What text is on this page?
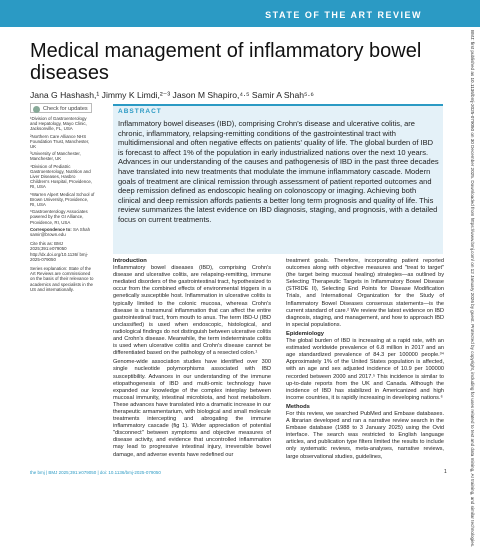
STATE OF THE ART REVIEW
Medical management of inflammatory bowel diseases
Jana G Hashash,¹ Jimmy K Limdi,²⁻³ Jason M Shapiro,⁴·⁵ Samir A Shah⁵·⁶
Check for updates

¹Division of Gastroenterology and Hepatology, Mayo Clinic, Jacksonville, FL, USA

²Northern Care Alliance NHS Foundation Trust, Manchester, UK

³University of Manchester, Manchester, UK

⁴Division of Pediatric Gastroenterology, Nutrition and Liver Diseases, Hasbro Children's Hospital, Providence, RI, USA

⁵Warren Alpert Medical School of Brown University, Providence, RI, USA

⁶Gastroenterology Associates powered by the GI Alliance, Providence, RI, USA

Correspondence to: SA Shah samir@brown.edu

Cite this as: BMJ 2025;391:e079050 http://dx.doi.org/10.1136/ bmj-2025-079050

Series explanation: State of the Art Reviews are commissioned on the basis of their relevance to academics and specialists in the US and internationally.

ABSTRACT

Inflammatory bowel diseases (IBD), comprising Crohn's disease and ulcerative colitis, are chronic, inflammatory, relapsing-remitting conditions of the gastrointestinal tract with multidimensional and often negative effects on patients' quality of life. The global burden of IBD is forecast to affect 1% of the population in early industrialized nations over the next 10 years. Advances in our understanding of the causes and pathogenesis of IBD in the past three decades have translated into new treatments that modulate the immune inflammatory cascade. Modern goals of treatment are clinical remission through assessment of patient reported outcomes and deep remission defined as endoscopic healing on colonoscopy or imaging. Achieving both clinical and deep remission affords patients a better long term prognosis and quality of life. This review summarizes the latest evidence on IBD diagnosis, staging, and prognosis, with a detailed focus on current treatments.

Introduction

Inflammatory bowel diseases (IBD), comprising Crohn's disease and ulcerative colitis, are relapsing-remitting, immune mediated disorders of the gastrointestinal tract, hypothesized to occur from the combined effects of environmental triggers in a genetically susceptible host. Inflammation in ulcerative colitis is typically limited to the colonic mucosa, whereas Crohn's disease is a transmural inflammation that can affect the entire gastrointestinal tract, from mouth to anus. The term IBD-U (IBD unclassified) is used when endoscopic, histological, and radiological findings do not distinguish between ulcerative colitis and Crohn's disease. Meanwhile, the term indeterminate colitis is used when ulcerative colitis and Crohn's disease cannot be differentiated based on the pathology of a resected colon.¹

Genome-wide association studies have identified over 300 single nucleotide polymorphisms associated with IBD susceptibility. Advances in our understanding of the immune etiopathogenesis of IBD and multi-omic technology have expanded our knowledge of the complex interplay between mucosal immunity, intestinal microbiota, and host metabolism. These advances have translated into a dramatic increase in our therapeutic armamentarium, with biological and small molecule treatments intercepting and abrogating the immune inflammatory cascade (fig 1). Wider appreciation of potential "disconnect" between symptoms and objective measures of disease activity, and evidence that uncontrolled inflammation may lead to progressive intestinal injury, irreversible bowel damage, and adverse events have redefined our

treatment goals. Therefore, incorporating patient reported outcomes along with objective measures and "treat to target" (the target being mucosal healing) strategies—as outlined by Selecting Therapeutic Targets in Inflammatory Bowel Disease (STRIDE II), Selecting End Points for Disease Modification Trials, and International Organization for the Study of Inflammatory Bowel Diseases consensus statements—is the current standard of care.² We review the latest evidence on IBD diagnosis, staging, and management, and how to approach IBD in special populations.

Epidemiology

The global burden of IBD is increasing at a rapid rate, with an estimated worldwide prevalence of 6.8 million in 2017 and an age standardized prevalence of 84.3 per 100000 people.³⁴ Approximately 1% of the United States population is affected, with an age and sex adjusted incidence of 10.9 per 100000 recorded between 2000 and 2017.⁵ This incidence is similar to up-to-date reports from the UK and Canada. Although the incidence of IBD has stabilized in Americanized and high income countries, it is rapidly increasing in developing nations.⁶

Methods

For this review, we searched PubMed and Embase databases. A librarian developed and ran a narrative review search in the Embase database (1988 to 3 January 2025) using the Ovid interface. The search was restricted to English language articles, and publication type filters limited the results to include only systematic reviews, meta-analyses, narrative reviews, large observational studies, guidelines,

the bmj | BMJ 2025;391:e079050 | doi: 10.1136/bmj-2025-079050	1	BMJ: first published as 10.1136/bmj-2025-079050 on 30 December 2025. Downloaded from https://www.bmj.com/ on 12 January 2026 by guest. Protected by copyright, including for uses related to text and data mining, AI training, and similar technologies.
